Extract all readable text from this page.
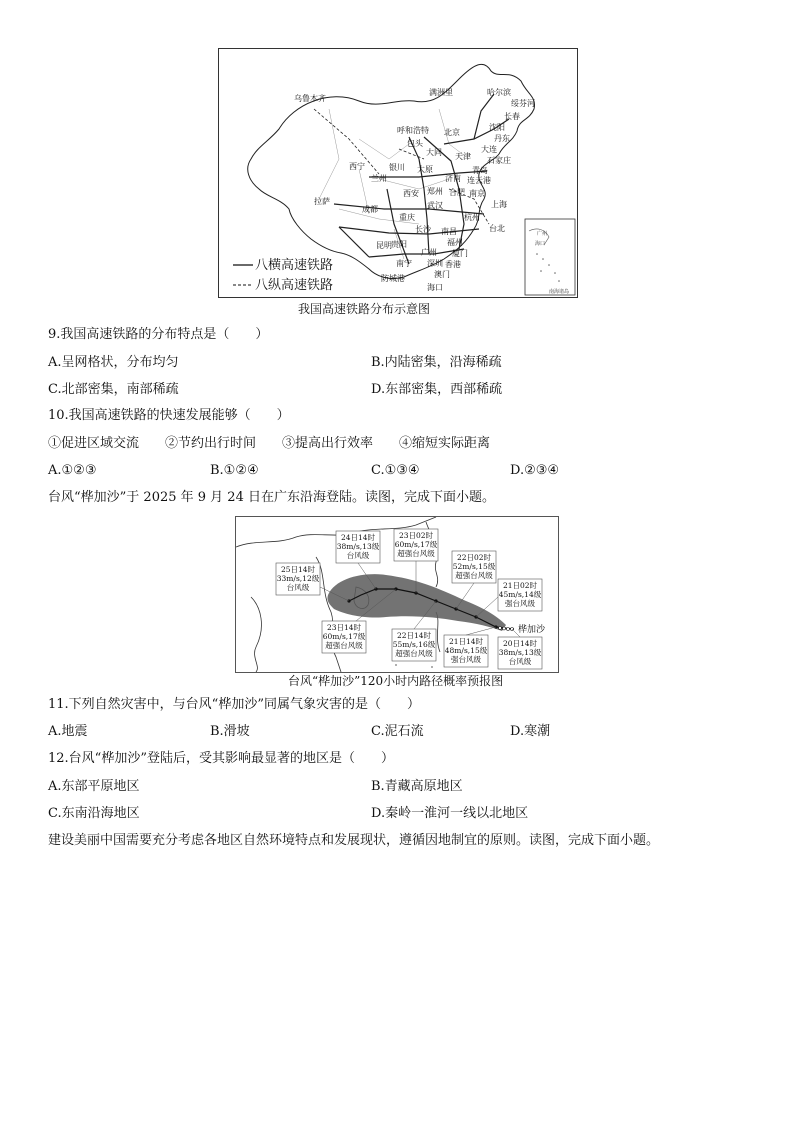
乌鲁木齐
满洲里	哈尔滨
绥芬河
长春
沈阳
丹东
呼和浩特 北京
大连
石家庄
包头
银川
大同 天津
太原	青岛
济南
西宁
兰州	连云港
西安 郑州 合肥 南京
拉萨
成都	武汉	上海
重庆	杭州
长沙 南昌	台北
福州
昆明 贵阳
厦门
广州
深圳
南宁	香港
澳门
防城港
海口
八横高速铁路
八纵高速铁路
广州
海口
南海诸岛
我国高速铁路分布示意图
9.我国高速铁路的分布特点是（　　）
A.呈网格状，分布均匀	B.内陆密集，沿海稀疏
C.北部密集，南部稀疏	D.东部密集，西部稀疏
10.我国高速铁路的快速发展能够（　　）
①促进区域交流　　②节约出行时间　　③提高出行效率　　④缩短实际距离
A.①②③	B.①②④	C.①③④	D.②③④
台风“桦加沙”于 2025 年 9 月 24 日在广东沿海登陆。读图，完成下面小题。
桦加沙
24日14时
38m/s,13级
台风级
23日02时
60m/s,17级
超强台风级	22日02时
52m/s,15级
超强台风级
25日14时
33m/s,12级
台风级	21日02时
45m/s,14级
强台风级
23日14时
60m/s,17级
超强台风级
22日14时
55m/s,16级
超强台风级
21日14时
48m/s,15级
强台风级
20日14时
38m/s,13级
台风级
台风“桦加沙”120小时内路径概率预报图
11.下列自然灾害中，与台风“桦加沙”同属气象灾害的是（　　）
A.地震	B.滑坡	C.泥石流	D.寒潮
12.台风“桦加沙”登陆后，受其影响最显著的地区是（　　）
A.东部平原地区	B.青藏高原地区
C.东南沿海地区	D.秦岭一淮河一线以北地区
建设美丽中国需要充分考虑各地区自然环境特点和发展现状，遵循因地制宜的原则。读图，完成下面小题。
